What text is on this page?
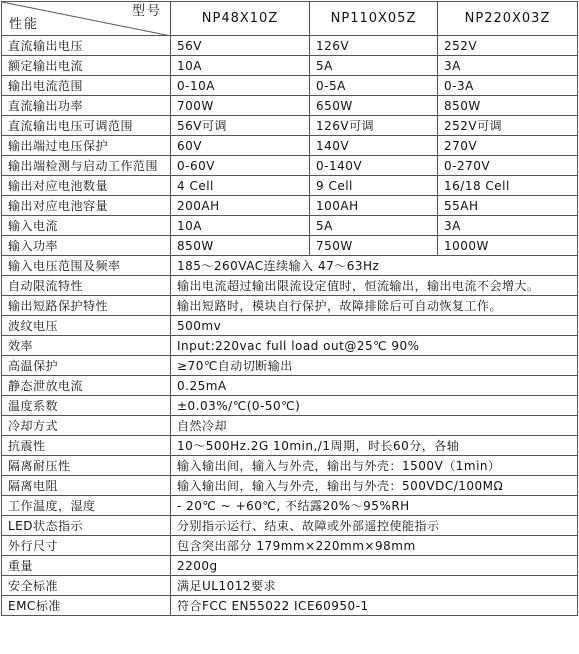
型号
性能	NP48X10Z	NP110X05Z	NP220X03Z
直流输出电压	56V	126V	252V
额定输出电流	10A	5A	3A
输出电流范围	0-10A	0-5A	0-3A
直流输出功率	700W	650W	850W
直流输出电压可调范围	56V可调	126V可调	252V可调
输出端过电压保护	60V	140V	270V
输出端检测与启动工作范围	0-60V	0-140V	0-270V
输出对应电池数量	4 Cell	9 Cell	16/18 Cell
输出对应电池容量	200AH	100AH	55AH
输入电流	10A	5A	3A
输入功率	850W	750W	1000W
输入电压范围及频率	185～260VAC连续输入 47～63Hz		
自动限流特性	输出电流超过输出限流设定值时，恒流输出，输出电流不会增大。		
输出短路保护特性	输出短路时，模块自行保护，故障排除后可自动恢复工作。		
波纹电压	500mv		
效率	Input:220vac full load out@25℃ 90%		
高温保护	≥70℃自动切断输出		
静态泄放电流	0.25mA		
温度系数	±0.03%/℃(0-50℃)		
冷却方式	自然冷却		
抗震性	10～500Hz.2G 10min,/1周期，时长60分，各轴		
隔离耐压性	输入输出间，输入与外壳，输出与外壳：1500V（1min）		
隔离电阻	输入输出间，输入与外壳，输出与外壳：500VDC/100MΩ		
工作温度，湿度	- 20℃ ~ +60℃, 不结露20%～95%RH		
LED状态指示	分别指示运行、结束、故障或外部遥控使能指示		
外行尺寸	包含突出部分 179mm×220mm×98mm		
重量	2200g		
安全标准	满足UL1012要求		
EMC标准	符合FCC EN55022 ICE60950-1		
